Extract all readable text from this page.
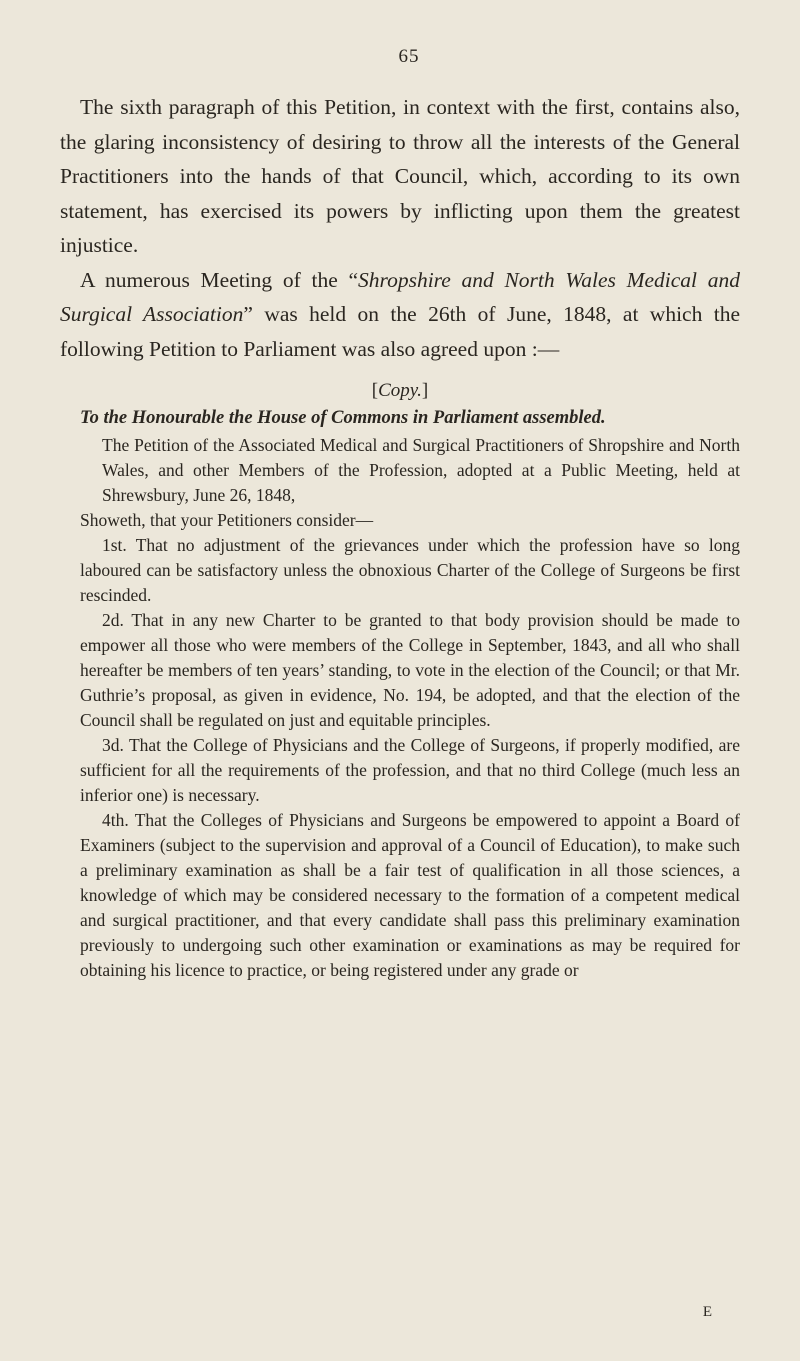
65

The sixth paragraph of this Petition, in context with the first, contains also, the glaring inconsistency of desiring to throw all the interests of the General Practitioners into the hands of that Council, which, according to its own statement, has exercised its powers by inflicting upon them the greatest injustice.

A numerous Meeting of the “Shropshire and North Wales Medical and Surgical Association” was held on the 26th of June, 1848, at which the following Petition to Parliament was also agreed upon :—

[Copy.]
To the Honourable the House of Commons in Parliament assembled.

The Petition of the Associated Medical and Surgical Practitioners of Shropshire and North Wales, and other Members of the Profession, adopted at a Public Meeting, held at Shrewsbury, June 26, 1848,

Showeth, that your Petitioners consider—

1st. That no adjustment of the grievances under which the profession have so long laboured can be satisfactory unless the obnoxious Charter of the College of Surgeons be first rescinded.

2d. That in any new Charter to be granted to that body provision should be made to empower all those who were members of the College in September, 1843, and all who shall hereafter be members of ten years’ standing, to vote in the election of the Council; or that Mr. Guthrie’s proposal, as given in evidence, No. 194, be adopted, and that the election of the Council shall be regulated on just and equitable principles.

3d. That the College of Physicians and the College of Surgeons, if properly modified, are sufficient for all the requirements of the profession, and that no third College (much less an inferior one) is necessary.

4th. That the Colleges of Physicians and Surgeons be empowered to appoint a Board of Examiners (subject to the supervision and approval of a Council of Education), to make such a preliminary examination as shall be a fair test of qualification in all those sciences, a knowledge of which may be considered necessary to the formation of a competent medical and surgical practitioner, and that every candidate shall pass this preliminary examination previously to undergoing such other examination or examinations as may be required for obtaining his licence to practice, or being registered under any grade or

E
